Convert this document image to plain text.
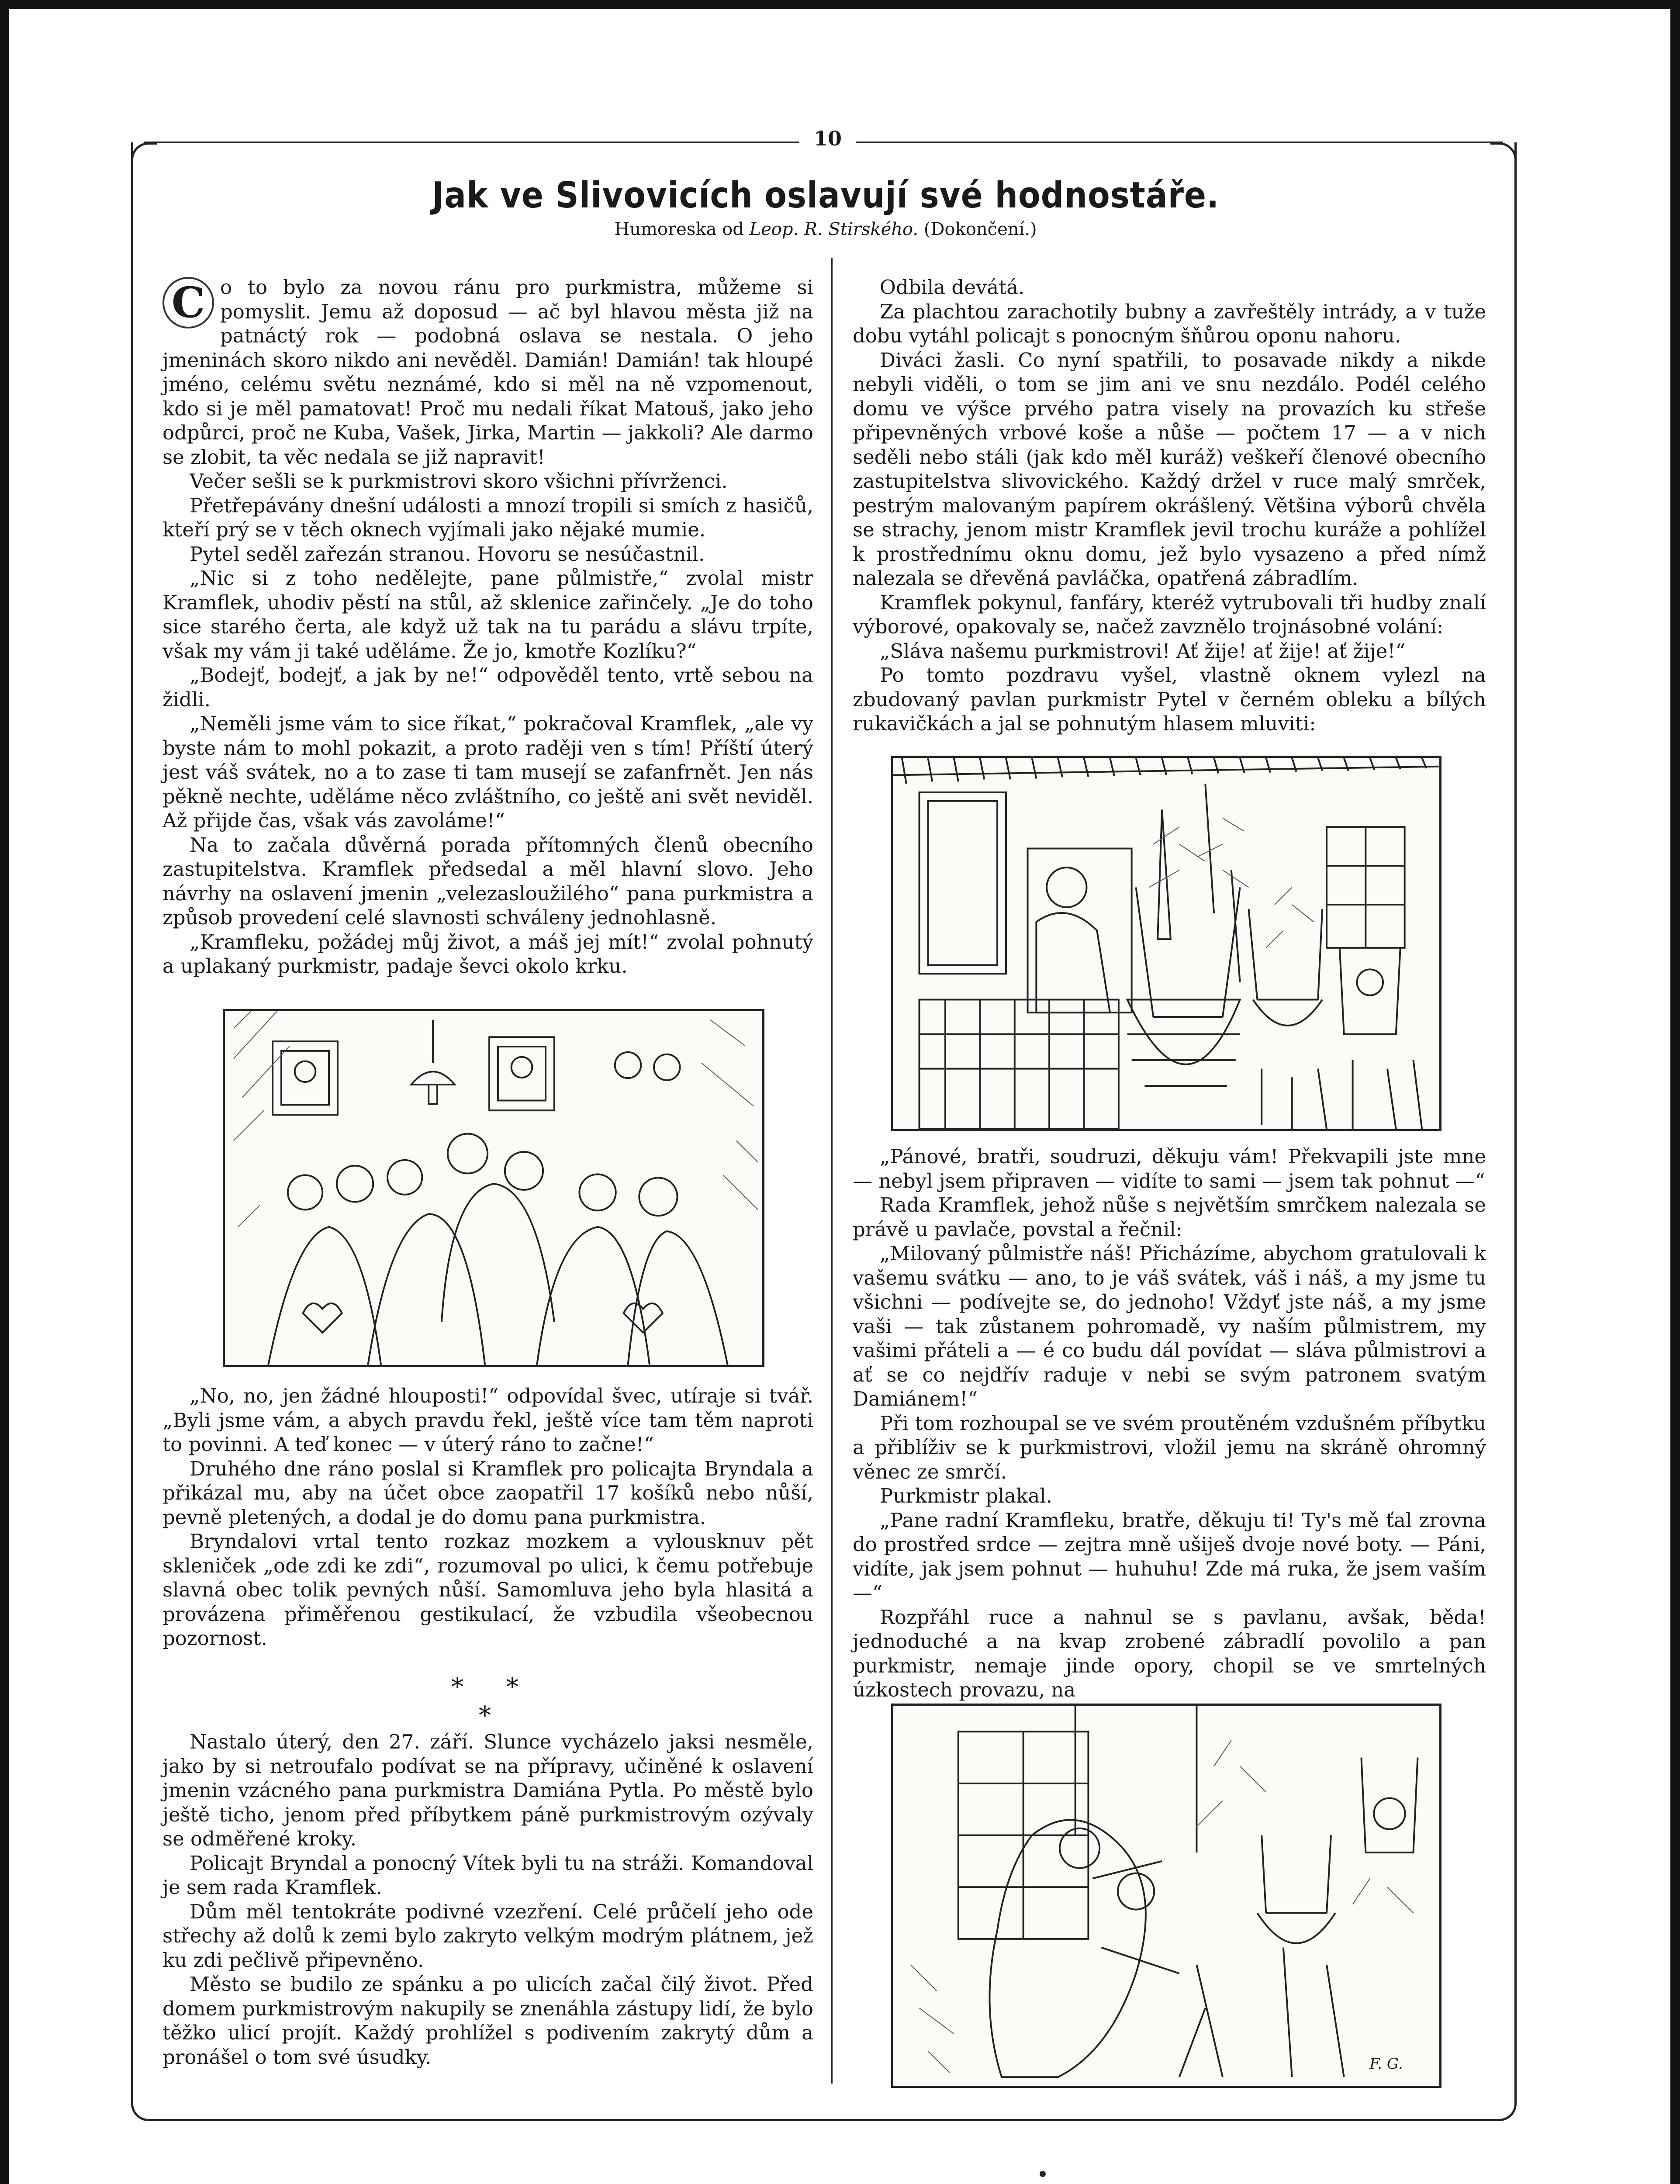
10
Jak ve Slivovicích oslavují své hodnostáře.
Humoreska od Leop. R. Stirského. (Dokončení.)

C o to bylo za novou ránu pro purkmistra, můžeme si pomyslit. Jemu až doposud — ač byl hlavou města již na patnáctý rok — podobná oslava se nestala. O jeho jmeninách skoro nikdo ani nevěděl. Damián! Damián! tak hloupé jméno, celému světu neznámé, kdo si měl na ně vzpomenout, kdo si je měl pamatovat! Proč mu nedali říkat Matouš, jako jeho odpůrci, proč ne Kuba, Vašek, Jirka, Martin — jakkoli? Ale darmo se zlobit, ta věc nedala se již napravit!

Večer sešli se k purkmistrovi skoro všichni přívrženci.

Přetřepávány dnešní události a mnozí tropili si smích z hasičů, kteří prý se v těch oknech vyjímali jako nějaké mumie.

Pytel seděl zařezán stranou. Hovoru se nesúčastnil.

„Nic si z toho nedělejte, pane půlmistře,“ zvolal mistr Kramflek, uhodiv pěstí na stůl, až sklenice zařinčely. „Je do toho sice starého čerta, ale když už tak na tu parádu a slávu trpíte, však my vám ji také uděláme. Že jo, kmotře Kozlíku?“

„Bodejť, bodejť, a jak by ne!“ odpověděl tento, vrtě sebou na židli.

„Neměli jsme vám to sice říkat,“ pokračoval Kramflek, „ale vy byste nám to mohl pokazit, a proto raději ven s tím! Příští úterý jest váš svátek, no a to zase ti tam musejí se zafanfrnět. Jen nás pěkně nechte, uděláme něco zvláštního, co ještě ani svět neviděl. Až přijde čas, však vás zavoláme!“

Na to začala důvěrná porada přítomných členů obecního zastupitelstva. Kramflek předsedal a měl hlavní slovo. Jeho návrhy na oslavení jmenin „velezasloužilého“ pana purkmistra a způsob provedení celé slavnosti schváleny jednohlasně.

„Kramfleku, požádej můj život, a máš jej mít!“ zvolal pohnutý a uplakaný purkmistr, padaje ševci okolo krku.

„No, no, jen žádné hlouposti!“ odpovídal švec, utíraje si tvář. „Byli jsme vám, a abych pravdu řekl, ještě více tam těm naproti to povinni. A teď konec — v úterý ráno to začne!“

Druhého dne ráno poslal si Kramflek pro policajta Bryndala a přikázal mu, aby na účet obce zaopatřil 17 košíků nebo nůší, pevně pletených, a dodal je do domu pana purkmistra.

Bryndalovi vrtal tento rozkaz mozkem a vylousknuv pět skleniček „ode zdi ke zdi“, rozumoval po ulici, k čemu potřebuje slavná obec tolik pevných nůší. Samomluva jeho byla hlasitá a provázena přiměřenou gestikulací, že vzbudila všeobecnou pozornost.

* * *

Nastalo úterý, den 27. září. Slunce vycházelo jaksi nesměle, jako by si netroufalo podívat se na přípravy, učiněné k oslavení jmenin vzácného pana purkmistra Damiána Pytla. Po městě bylo ještě ticho, jenom před příbytkem páně purkmistrovým ozývaly se odměřené kroky.

Policajt Bryndal a ponocný Vítek byli tu na stráži. Komandoval je sem rada Kramflek.

Dům měl tentokráte podivné vzezření. Celé průčelí jeho ode střechy až dolů k zemi bylo zakryto velkým modrým plátnem, jež ku zdi pečlivě připevněno.

Město se budilo ze spánku a po ulicích začal čilý život. Před domem purkmistrovým nakupily se znenáhla zástupy lidí, že bylo těžko ulicí projít. Každý prohlížel s podivením zakrytý dům a pronášel o tom své úsudky.

Odbila devátá.

Za plachtou zarachotily bubny a zavřeštěly intrády, a v tuže dobu vytáhl policajt s ponocným šňůrou oponu nahoru.

Diváci žasli. Co nyní spatřili, to posavade nikdy a nikde nebyli viděli, o tom se jim ani ve snu nezdálo. Podél celého domu ve výšce prvého patra visely na provazích ku střeše připevněných vrbové koše a nůše — počtem 17 — a v nich seděli nebo stáli (jak kdo měl kuráž) veškeří členové obecního zastupitelstva slivovického. Každý držel v ruce malý smrček, pestrým malovaným papírem okrášlený. Většina výborů chvěla se strachy, jenom mistr Kramflek jevil trochu kuráže a pohlížel k prostřednímu oknu domu, jež bylo vysazeno a před nímž nalezala se dřevěná pavláčka, opatřená zábradlím.

Kramflek pokynul, fanfáry, kteréž vytrubovali tři hudby znalí výborové, opakovaly se, načež zavznělo trojnásobné volání:

„Sláva našemu purkmistrovi! Ať žije! ať žije! ať žije!“

Po tomto pozdravu vyšel, vlastně oknem vylezl na zbudovaný pavlan purkmistr Pytel v černém obleku a bílých rukavičkách a jal se pohnutým hlasem mluviti:

„Pánové, bratři, soudruzi, děkuju vám! Překvapili jste mne — nebyl jsem připraven — vidíte to sami — jsem tak pohnut —“

Rada Kramflek, jehož nůše s největším smrčkem nalezala se právě u pavlače, povstal a řečnil:

„Milovaný půlmistře náš! Přicházíme, abychom gratulovali k vašemu svátku — ano, to je váš svátek, váš i náš, a my jsme tu všichni — podívejte se, do jednoho! Vždyť jste náš, a my jsme vaši — tak zůstanem pohromadě, vy naším půlmistrem, my vašimi přáteli a — é co budu dál povídat — sláva půlmistrovi a ať se co nejdřív raduje v nebi se svým patronem svatým Damiánem!“

Při tom rozhoupal se ve svém proutěném vzdušném příbytku a přiblíživ se k purkmistrovi, vložil jemu na skráně ohromný věnec ze smrčí.

Purkmistr plakal.

„Pane radní Kramfleku, bratře, děkuju ti! Ty's mě ťal zrovna do prostřed srdce — zejtra mně ušiješ dvoje nové boty. — Páni, vidíte, jak jsem pohnut — huhuhu! Zde má ruka, že jsem vaším —“

Rozpřáhl ruce a nahnul se s pavlanu, avšak, běda! jednoduché a na kvap zrobené zábradlí povolilo a pan purkmistr, nemaje jinde opory, chopil se ve smrtelných úzkostech provazu, na

F. G.
